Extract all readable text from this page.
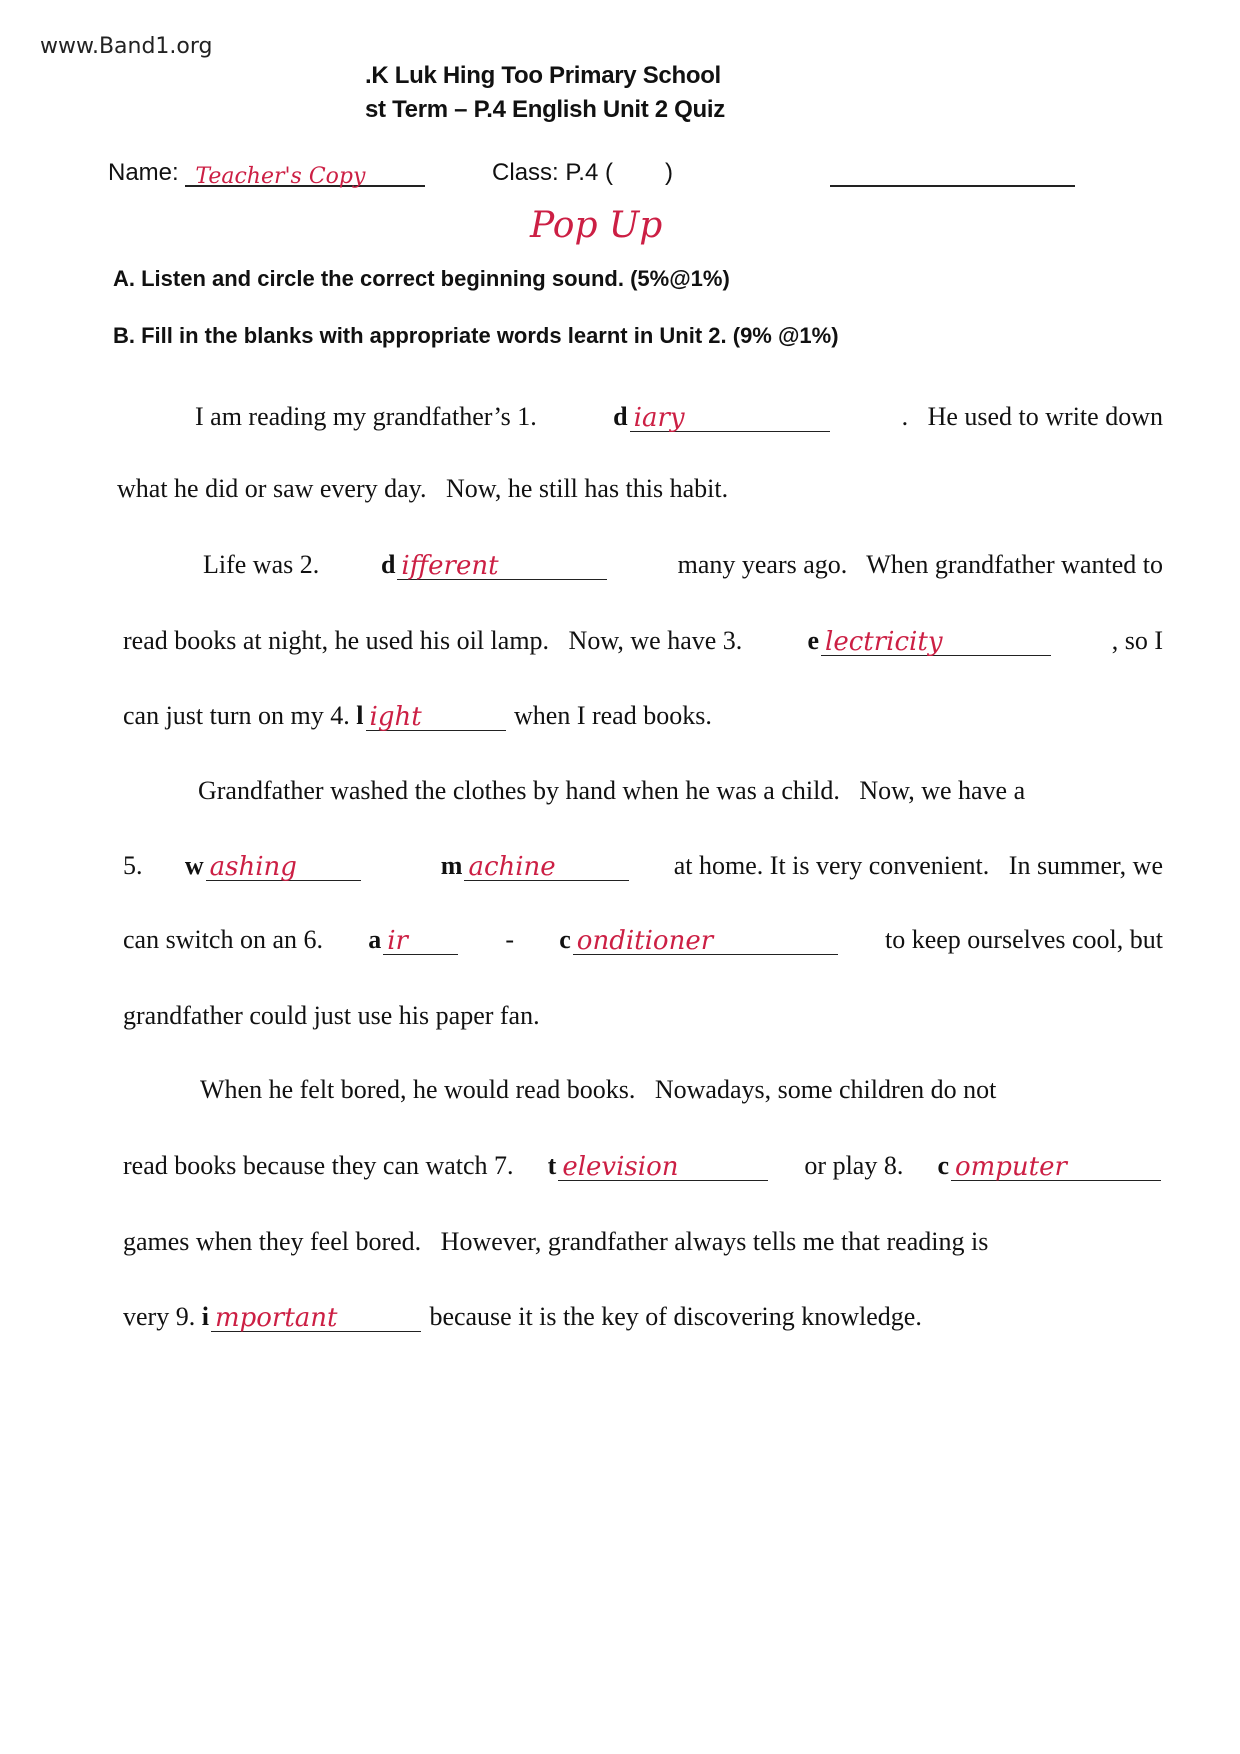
www.Band1.org
.K Luk Hing Too Primary School
st Term – P.4 English Unit 2 Quiz
Name: Teacher's Copy	Class: P.4 ( )
Pop Up
A. Listen and circle the correct beginning sound. (5%@1%)
B. Fill in the blanks with appropriate words learnt in Unit 2. (9% @1%)
I am reading my grandfather’s 1.	d iary	.   He used to write down
what he did or saw every day.   Now, he still has this habit.
Life was 2. d ifferent	many years ago.   When grandfather wanted to
read books at night, he used his oil lamp.   Now, we have 3. e lectricity	, so I
can just turn on my 4. l ight	when I read books.
Grandfather washed the clothes by hand when he was a child.   Now, we have a
5. w ashing
	m achine	at home. It is very convenient.   In summer, we
can switch on an 6. a ir	- c onditioner	to keep ourselves cool, but
grandfather could just use his paper fan.
When he felt bored, he would read books.   Nowadays, some children do not
read books because they can watch 7. t elevision	or play 8. c omputer
games when they feel bored.   However, grandfather always tells me that reading is
very 9. i mportant	because it is the key of discovering knowledge.
